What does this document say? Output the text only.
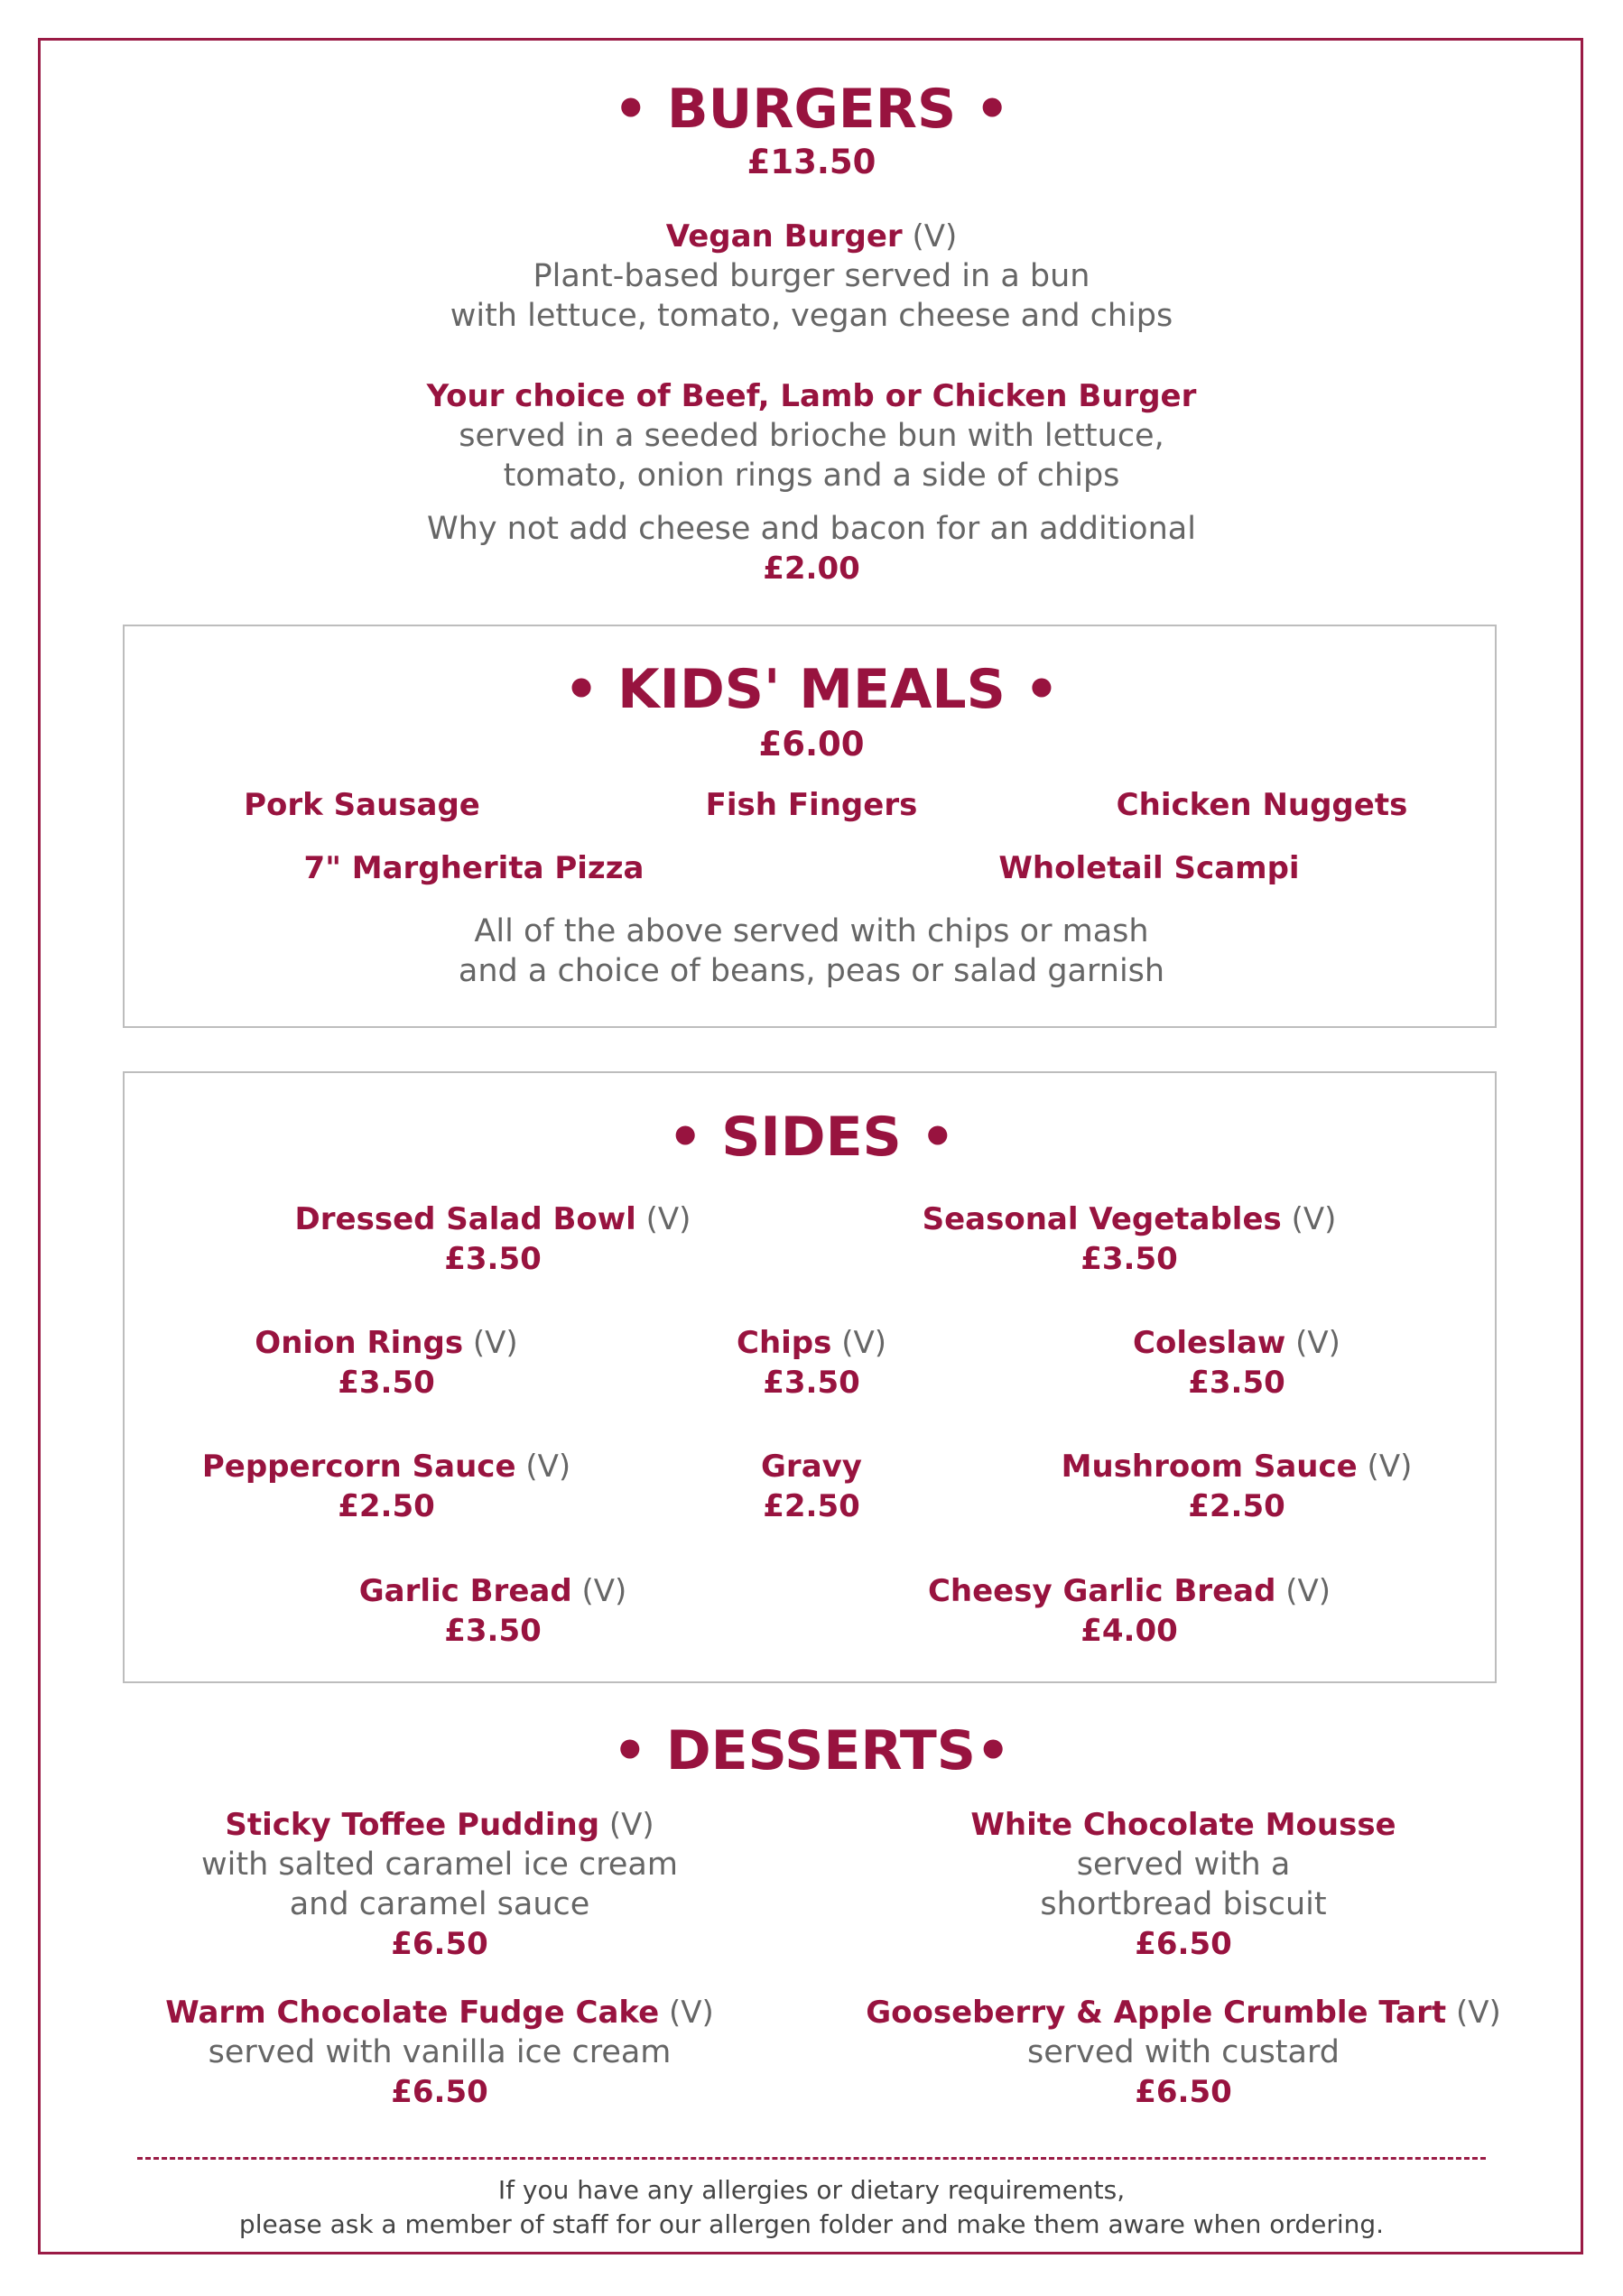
• BURGERS •
£13.50
Vegan Burger (V)
Plant-based burger served in a bun
with lettuce, tomato, vegan cheese and chips
Your choice of Beef, Lamb or Chicken Burger
served in a seeded brioche bun with lettuce,
tomato, onion rings and a side of chips
Why not add cheese and bacon for an additional
£2.00
• KIDS' MEALS •
£6.00
Pork Sausage	Fish Fingers	Chicken Nuggets
7" Margherita Pizza	Wholetail Scampi
All of the above served with chips or mash
and a choice of beans, peas or salad garnish
• SIDES •
Dressed Salad Bowl (V)
£3.50
Seasonal Vegetables (V)
£3.50
Onion Rings (V)
£3.50
Chips (V)
£3.50
Coleslaw (V)
£3.50
Peppercorn Sauce (V)
£2.50
Gravy
£2.50
Mushroom Sauce (V)
£2.50
Garlic Bread (V)
£3.50
Cheesy Garlic Bread (V)
£4.00
• DESSERTS•
Sticky Toffee Pudding (V)
with salted caramel ice cream
and caramel sauce
£6.50
White Chocolate Mousse
served with a
shortbread biscuit
£6.50
Warm Chocolate Fudge Cake (V)
served with vanilla ice cream
£6.50
Gooseberry & Apple Crumble Tart (V)
served with custard
£6.50
If you have any allergies or dietary requirements,
please ask a member of staff for our allergen folder and make them aware when ordering.
